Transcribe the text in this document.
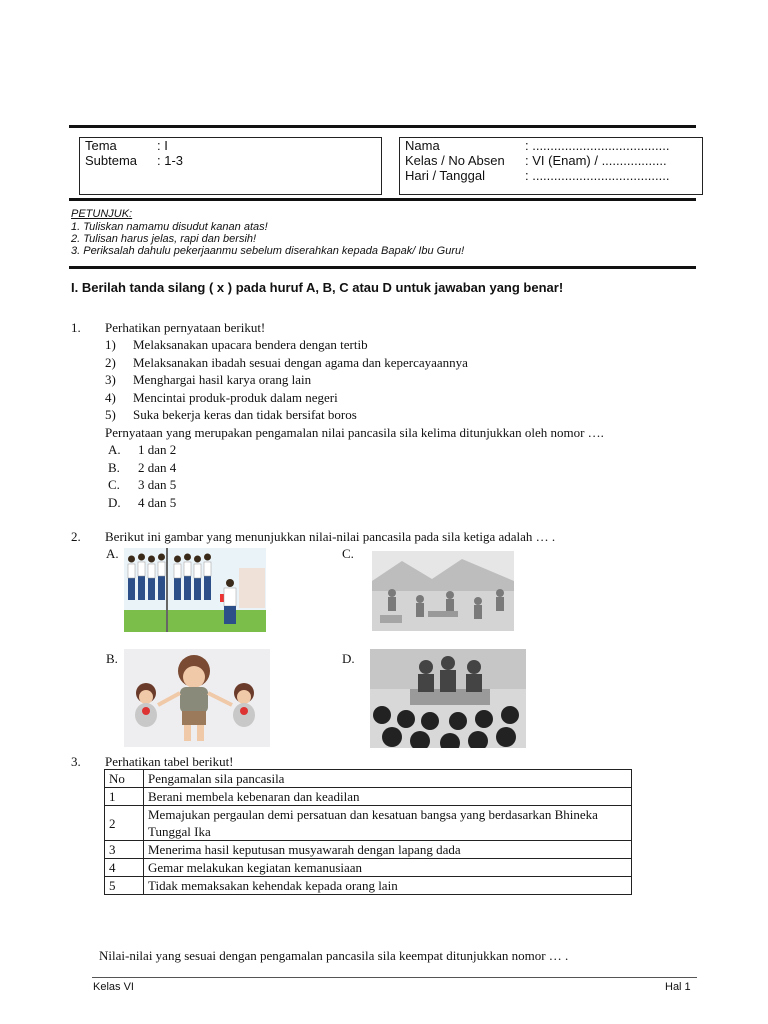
Tema	: I
Subtema : 1-3
Nama	: ......................................
Kelas / No Absen : VI (Enam) / ..................
Hari / Tanggal	: ......................................
PETUNJUK:
1. Tuliskan namamu disudut kanan atas!
2. Tulisan harus jelas, rapi dan bersih!
3. Periksalah dahulu pekerjaanmu sebelum diserahkan kepada Bapak/ Ibu Guru!
I. Berilah tanda silang ( x ) pada huruf A, B, C atau D untuk jawaban yang benar!
1. Perhatikan pernyataan berikut!
1) Melaksanakan upacara bendera dengan tertib
2) Melaksanakan ibadah sesuai dengan agama dan kepercayaannya
3) Menghargai hasil karya orang lain
4) Mencintai produk-produk dalam negeri
5) Suka bekerja keras dan tidak bersifat boros
Pernyataan yang merupakan pengamalan nilai pancasila sila kelima ditunjukkan oleh nomor ….
A. 1 dan 2
B. 2 dan 4
C. 3 dan 5
D. 4 dan 5
2. Berikut ini gambar yang menunjukkan nilai-nilai pancasila pada sila ketiga adalah … .
A.	C.
B.	D.
3. Perhatikan tabel berikut!
No	Pengamalan sila pancasila
1	Berani membela kebenaran dan keadilan
2	Memajukan pergaulan demi persatuan dan kesatuan bangsa yang berdasarkan Bhineka Tunggal Ika
3	Menerima hasil keputusan musyawarah dengan lapang dada
4	Gemar melakukan kegiatan kemanusiaan
5	Tidak memaksakan kehendak kepada orang lain
Nilai-nilai yang sesuai dengan pengamalan pancasila sila keempat ditunjukkan nomor … .
Kelas VI	Hal 1
